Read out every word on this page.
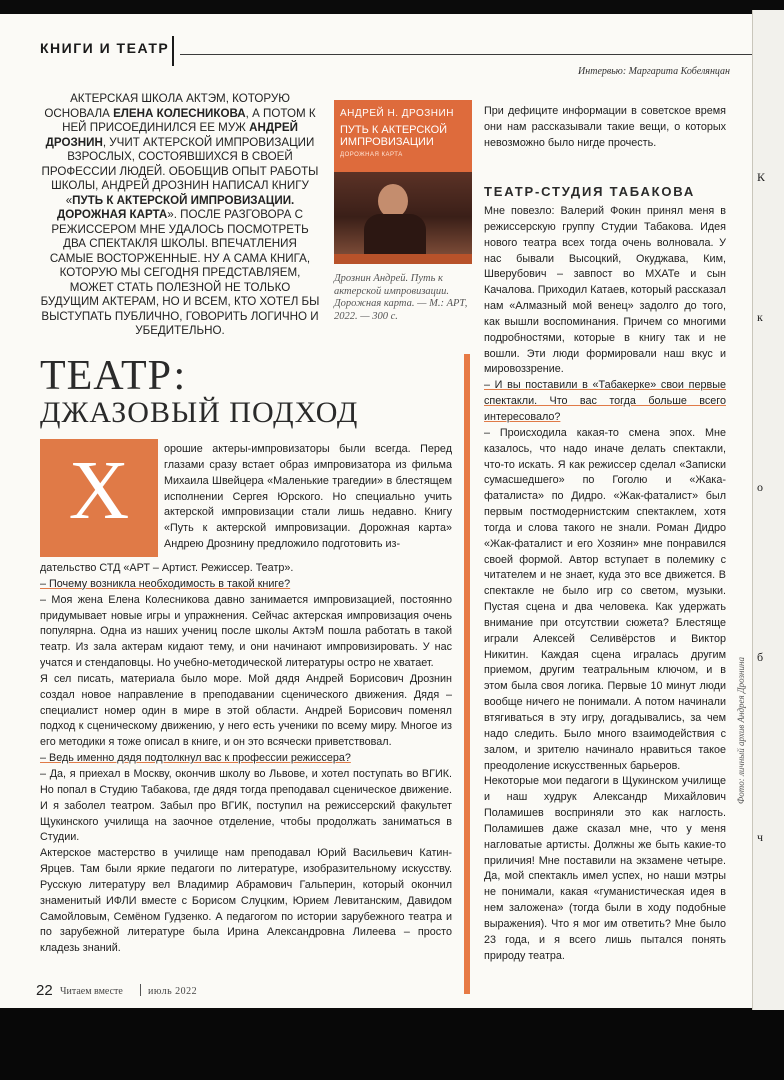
КНИГИ И ТЕАТР
Интервью: Маргарита Кобелянцан

АКТЕРСКАЯ ШКОЛА АКТЭМ, КОТОРУЮ ОСНОВАЛА ЕЛЕНА КОЛЕСНИКОВА, А ПОТОМ К НЕЙ ПРИСОЕДИНИЛСЯ ЕЕ МУЖ АНДРЕЙ ДРОЗНИН, УЧИТ АКТЕРСКОЙ ИМПРОВИЗАЦИИ ВЗРОСЛЫХ, СОСТОЯВШИХСЯ В СВОЕЙ ПРОФЕССИИ ЛЮДЕЙ. ОБОБЩИВ ОПЫТ РАБОТЫ ШКОЛЫ, АНДРЕЙ ДРОЗНИН НАПИСАЛ КНИГУ «ПУТЬ К АКТЕРСКОЙ ИМПРОВИЗАЦИИ. ДОРОЖНАЯ КАРТА». ПОСЛЕ РАЗГОВОРА С РЕЖИССЕРОМ МНЕ УДАЛОСЬ ПОСМОТРЕТЬ ДВА СПЕКТАКЛЯ ШКОЛЫ. ВПЕЧАТЛЕНИЯ САМЫЕ ВОСТОРЖЕННЫЕ. НУ А САМА КНИГА, КОТОРУЮ МЫ СЕГОДНЯ ПРЕДСТАВЛЯЕМ, МОЖЕТ СТАТЬ ПОЛЕЗНОЙ НЕ ТОЛЬКО БУДУЩИМ АКТЕРАМ, НО И ВСЕМ, КТО ХОТЕЛ БЫ ВЫСТУПАТЬ ПУБЛИЧНО, ГОВОРИТЬ ЛОГИЧНО И УБЕДИТЕЛЬНО.

АНДРЕЙ Н. ДРОЗНИН
ПУТЬ К АКТЕРСКОЙ ИМПРОВИЗАЦИИ
ДОРОЖНАЯ КАРТА

Дрознин Андрей. Путь к актерской импровизации. Дорожная карта. — М.: АРТ, 2022. — 300 с.

ТЕАТР:
ДЖАЗОВЫЙ ПОДХОД
Х	орошие актеры-импровизаторы были всегда. Перед глазами сразу встает образ импровизатора из фильма Михаила Швейцера «Маленькие трагедии» в блестящем исполнении Сергея Юрского. Но специально учить актерской импровизации стали лишь недавно. Книгу «Путь к актерской импровизации. Дорожная карта» Андрею Дрознину предложило подготовить из-

дательство СТД «АРТ – Артист. Режиссер. Театр».

– Почему возникла необходимость в такой книге?

– Моя жена Елена Колесникова давно занимается импровизацией, постоянно придумывает новые игры и упражнения. Сейчас актерская импровизация очень популярна. Одна из наших учениц после школы АктэМ пошла работать в такой театр. Из зала актерам кидают тему, и они начинают импровизировать. У нас учатся и стендаповцы. Но учебно-методической литературы остро не хватает.

Я сел писать, материала было море. Мой дядя Андрей Борисович Дрознин создал новое направление в преподавании сценического движения. Дядя – специалист номер один в мире в этой области. Андрей Борисович поменял подход к сценическому движению, у него есть ученики по всему миру. Многое из его методики я тоже описал в книге, и он это всячески приветствовал.

– Ведь именно дядя подтолкнул вас к профессии режиссера?

– Да, я приехал в Москву, окончив школу во Львове, и хотел поступать во ВГИК. Но попал в Студию Табакова, где дядя тогда преподавал сценическое движение. И я заболел театром. Забыл про ВГИК, поступил на режиссерский факультет Щукинского училища на заочное отделение, чтобы продолжать заниматься в Студии.

Актерское мастерство в училище нам преподавал Юрий Васильевич Катин-Ярцев. Там были яркие педагоги по литературе, изобразительному искусству. Русскую литературу вел Владимир Абрамович Гальперин, который окончил знаменитый ИФЛИ вместе с Борисом Слуцким, Юрием Левитанским, Давидом Самойловым, Семёном Гудзенко. А педагогом по истории зарубежного театра и по зарубежной литературе была Ирина Александровна Лилеева – просто кладезь знаний.

При дефиците информации в советское время они нам рассказывали такие вещи, о которых невозможно было нигде прочесть.

ТЕАТР-СТУДИЯ ТАБАКОВА

Мне повезло: Валерий Фокин принял меня в режиссерскую группу Студии Табакова. Идея нового театра всех тогда очень волновала. У нас бывали Высоцкий, Окуджава, Ким, Шверубович – завпост во МХАТе и сын Качалова. Приходил Катаев, который рассказал нам «Алмазный мой венец» задолго до того, как вышли воспоминания. Причем со многими подробностями, которые в книгу так и не вошли. Эти люди формировали наш вкус и мировоззрение.

– И вы поставили в «Табакерке» свои первые спектакли. Что вас тогда больше всего интересовало?

– Происходила какая-то смена эпох. Мне казалось, что надо иначе делать спектакли, что-то искать. Я как режиссер сделал «Записки сумасшедшего» по Гоголю и «Жака-фаталиста» по Дидро. «Жак-фаталист» был первым постмодернистским спектаклем, хотя тогда и слова такого не знали. Роман Дидро «Жак-фаталист и его Хозяин» мне понравился своей формой. Автор вступает в полемику с читателем и не знает, куда это все движется. В спектакле не было игр со светом, музыки. Пустая сцена и два человека. Как удержать внимание при отсутствии сюжета? Блестяще играли Алексей Селивёрстов и Виктор Никитин. Каждая сцена игралась другим приемом, другим театральным ключом, и в этом была своя логика. Первые 10 минут люди вообще ничего не понимали. А потом начинали втягиваться в эту игру, догадывались, за чем надо следить. Было много взаимодействия с залом, и зрителю начинало нравиться такое преодоление искусственных барьеров.

Некоторые мои педагоги в Щукинском училище и наш худрук Александр Михайлович Поламишев восприняли это как наглость. Поламишев даже сказал мне, что у меня нагловатые артисты. Должны же быть какие-то приличия! Мне поставили на экзамене четыре. Да, мой спектакль имел успех, но наши мэтры не понимали, какая «гуманистическая идея в нем заложена» (тогда были в ходу подобные выражения). Что я мог им ответить? Мне было 23 года, и я всего лишь пытался понять природу театра.

Фото: личный архив Андрея Дрознина
22 Читаем вместе	июль 2022
К
к
о
б
ч
